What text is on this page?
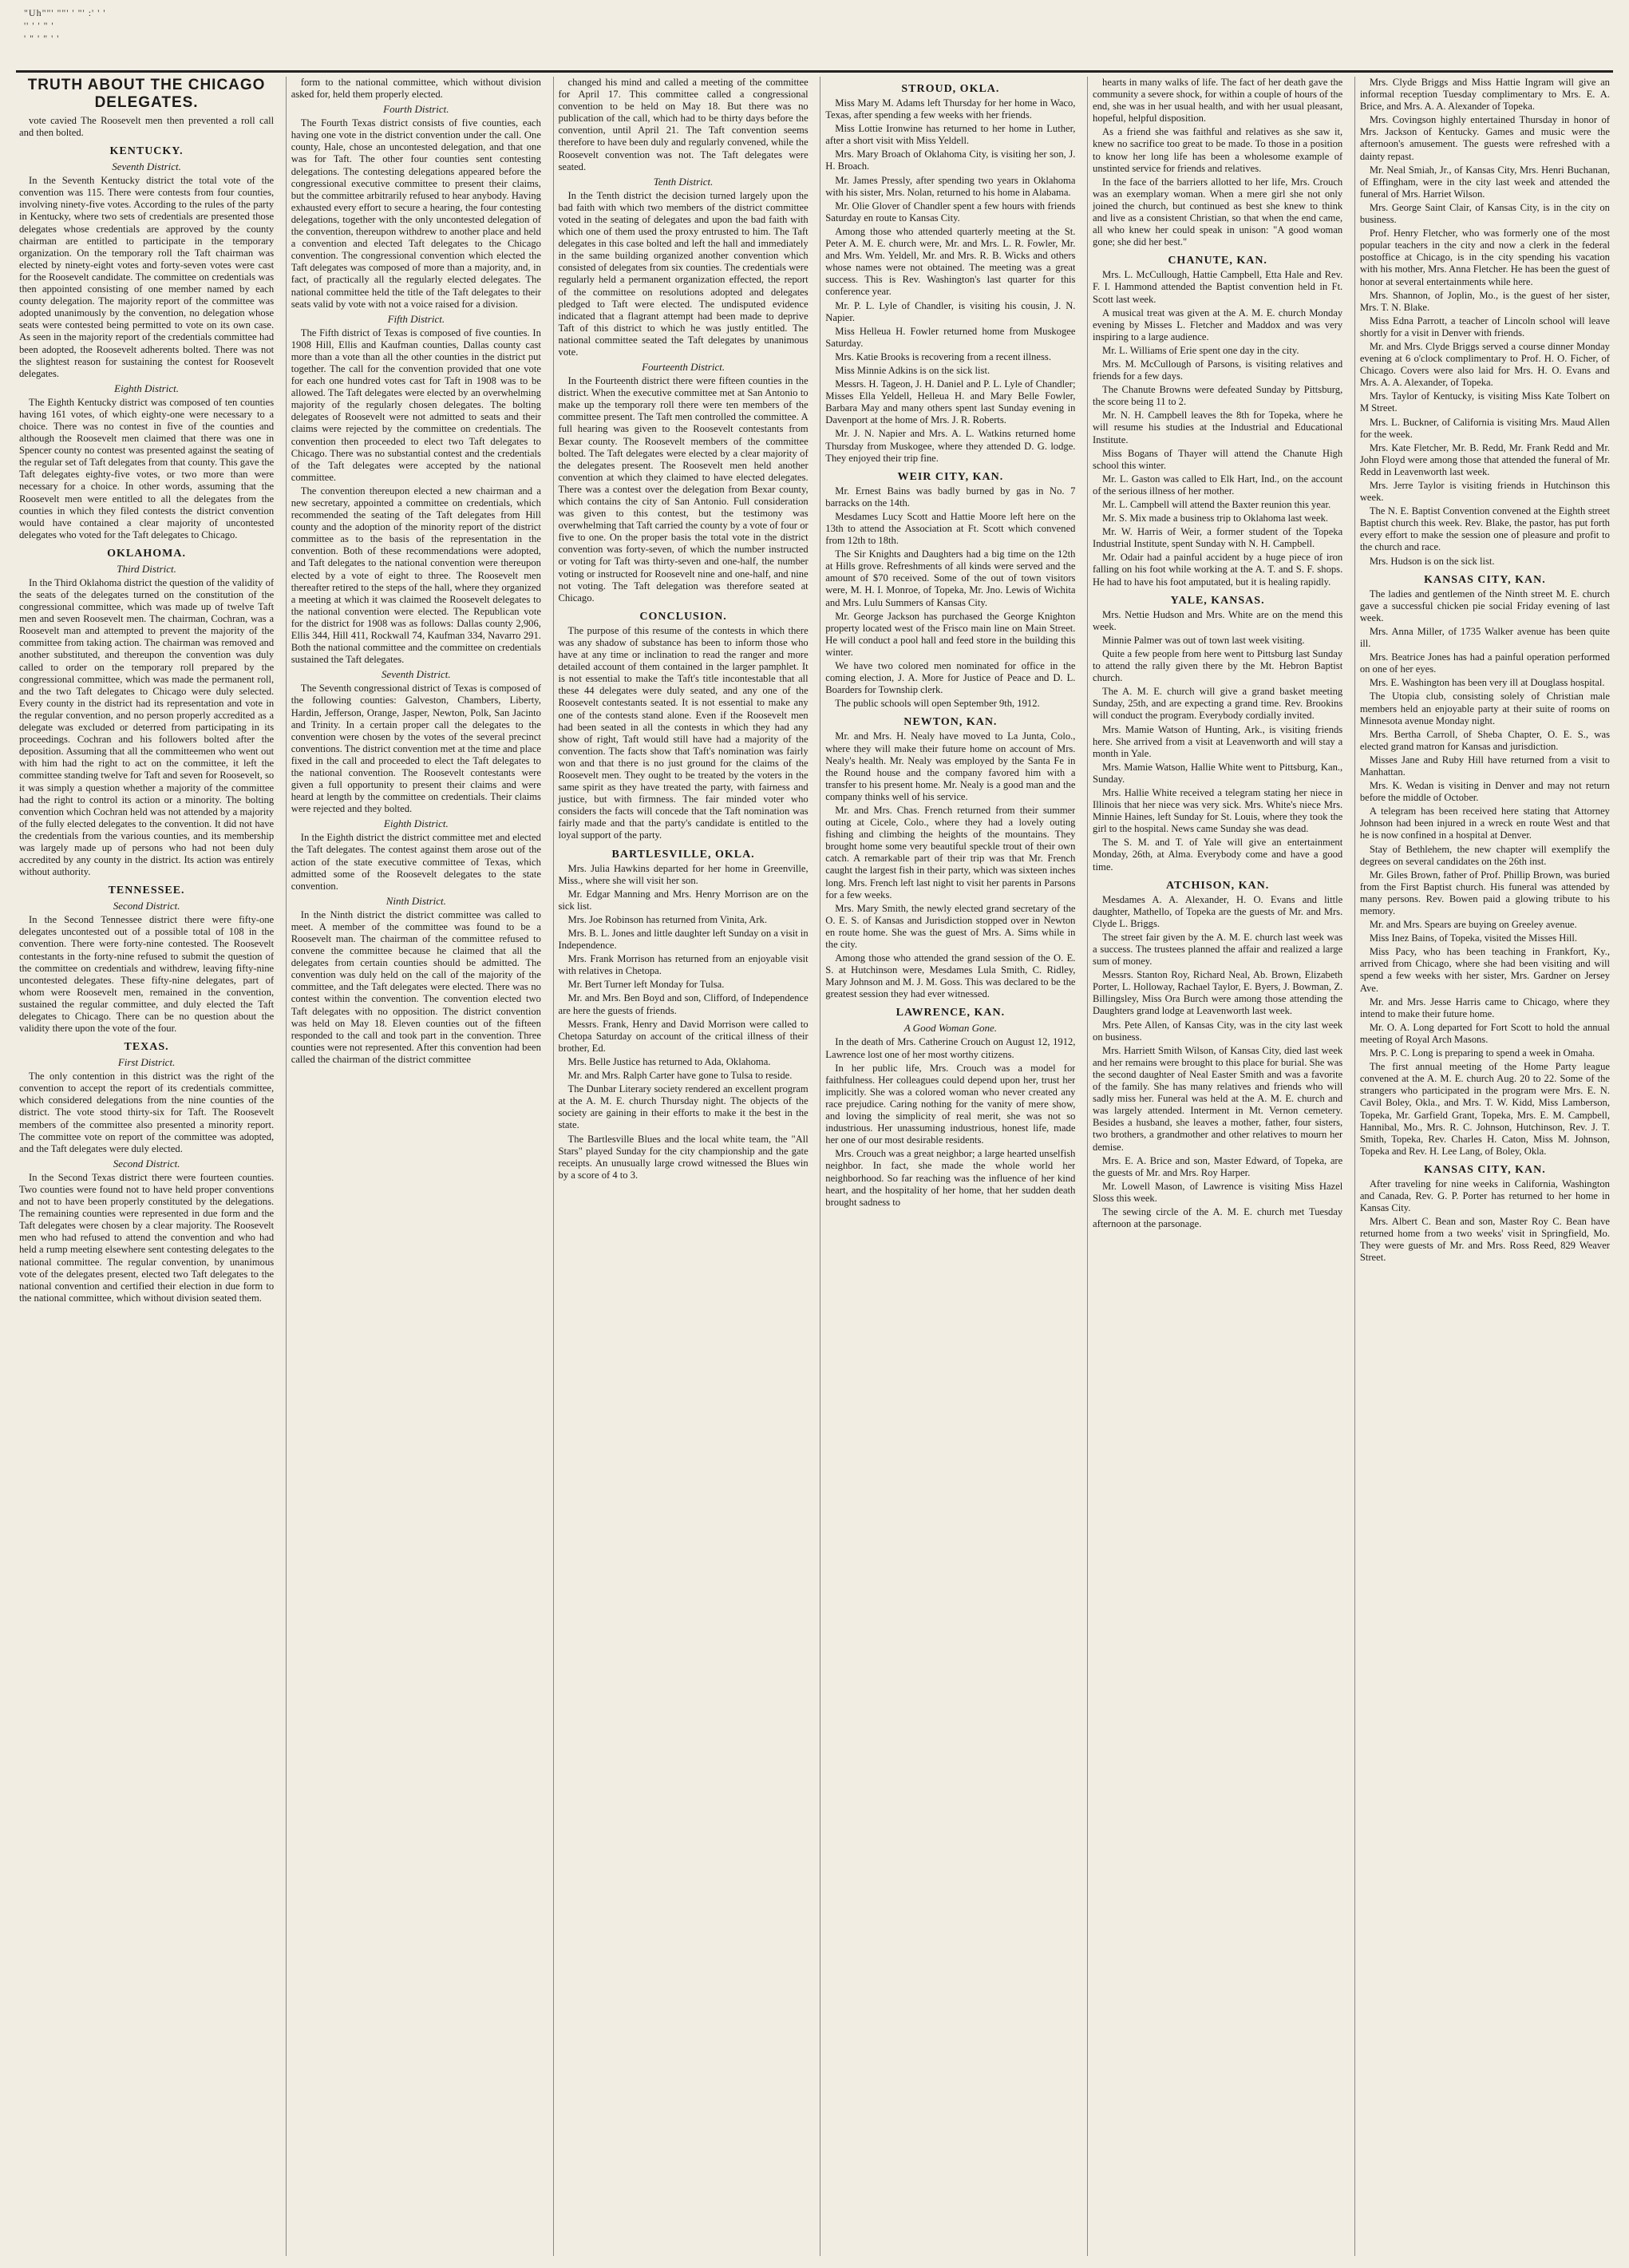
"Uh""' ""' ' "' :' ' '
'' ' ' " '
' " ' " ' '
TRUTH ABOUT THE CHICAGO DELEGATES.
vote cavied The Roosevelt men then prevented a roll call and then bolted.
KENTUCKY.
Seventh District.
In the Seventh Kentucky district the total vote of the convention was 115. There were contests from four counties, involving ninety-five votes. According to the rules of the party in Kentucky, where two sets of credentials are presented those delegates whose credentials are approved by the county chairman are entitled to participate in the temporary organization. On the temporary roll the Taft chairman was elected by ninety-eight votes and forty-seven votes were cast for the Roosevelt candidate. The committee on credentials was then appointed consisting of one member named by each county delegation. The majority report of the committee was adopted unanimously by the convention, no delegation whose seats were contested being permitted to vote on its own case. As seen in the majority report of the credentials committee had been adopted, the Roosevelt adherents bolted. There was not the slightest reason for sustaining the contest for Roosevelt delegates.
Eighth District.
The Eighth Kentucky district was composed of ten counties having 161 votes, of which eighty-one were necessary to a choice. There was no contest in five of the counties and although the Roosevelt men claimed that there was one in Spencer county no contest was presented against the seating of the regular set of Taft delegates from that county. This gave the Taft delegates eighty-five votes, or two more than were necessary for a choice. In other words, assuming that the Roosevelt men were entitled to all the delegates from the counties in which they filed contests the district convention would have contained a clear majority of uncontested delegates who voted for the Taft delegates to Chicago.
OKLAHOMA.
Third District.
In the Third Oklahoma district the question of the validity of the seats of the delegates turned on the constitution of the congressional committee, which was made up of twelve Taft men and seven Roosevelt men. The chairman, Cochran, was a Roosevelt man and attempted to prevent the majority of the committee from taking action. The chairman was removed and another substituted, and thereupon the convention was duly called to order on the temporary roll prepared by the congressional committee, which was made the permanent roll, and the two Taft delegates to Chicago were duly selected. Every county in the district had its representation and vote in the regular convention, and no person properly accredited as a delegate was excluded or deterred from participating in its proceedings. Cochran and his followers bolted after the deposition. Assuming that all the committeemen who went out with him had the right to act on the committee, it left the committee standing twelve for Taft and seven for Roosevelt, so it was simply a question whether a majority of the committee had the right to control its action or a minority. The bolting convention which Cochran held was not attended by a majority of the fully elected delegates to the convention. It did not have the credentials from the various counties, and its membership was largely made up of persons who had not been duly accredited by any county in the district. Its action was entirely without authority.
TENNESSEE.
Second District.
In the Second Tennessee district there were fifty-one delegates uncontested out of a possible total of 108 in the convention. There were forty-nine contested. The Roosevelt contestants in the forty-nine refused to submit the question of the committee on credentials and withdrew, leaving fifty-nine uncontested delegates. These fifty-nine delegates, part of whom were Roosevelt men, remained in the convention, sustained the regular committee, and duly elected the Taft delegates to Chicago. There can be no question about the validity there upon the vote of the four.
TEXAS.
First District.
The only contention in this district was the right of the convention to accept the report of its credentials committee, which considered delegations from the nine counties of the district. The vote stood thirty-six for Taft. The Roosevelt members of the committee also presented a minority report. The committee vote on report of the committee was adopted, and the Taft delegates were duly elected.
Second District.
In the Second Texas district there were fourteen counties. Two counties were found not to have held proper conventions and not to have been properly constituted by the delegations. The remaining counties were represented in due form and the Taft delegates were chosen by a clear majority. The Roosevelt men who had refused to attend the convention and who had held a rump meeting elsewhere sent contesting delegates to the national committee. The regular convention, by unanimous vote of the delegates present, elected two Taft delegates to the national convention and certified their election in due form to the national committee, which without division seated them.
form to the national committee, which without division asked for, held them properly elected.
Fourth District.
The Fourth Texas district consists of five counties, each having one vote in the district convention under the call. One county, Hale, chose an uncontested delegation, and that one was for Taft. The other four counties sent contesting delegations. The contesting delegations appeared before the congressional executive committee to present their claims, but the committee arbitrarily refused to hear anybody. Having exhausted every effort to secure a hearing, the four contesting delegations, together with the only uncontested delegation of the convention, thereupon withdrew to another place and held a convention and elected Taft delegates to the Chicago convention. The congressional convention which elected the Taft delegates was composed of more than a majority, and, in fact, of practically all the regularly elected delegates. The national committee held the title of the Taft delegates to their seats valid by vote with not a voice raised for a division.
Fifth District.
The Fifth district of Texas is composed of five counties. In 1908 Hill, Ellis and Kaufman counties, Dallas county cast more than a vote than all the other counties in the district put together. The call for the convention provided that one vote for each one hundred votes cast for Taft in 1908 was to be allowed. The Taft delegates were elected by an overwhelming majority of the regularly chosen delegates. The bolting delegates of Roosevelt were not admitted to seats and their claims were rejected by the committee on credentials. The convention then proceeded to elect two Taft delegates to Chicago. There was no substantial contest and the credentials of the Taft delegates were accepted by the national committee.
The convention thereupon elected a new chairman and a new secretary, appointed a committee on credentials, which recommended the seating of the Taft delegates from Hill county and the adoption of the minority report of the district committee as to the basis of the representation in the convention. Both of these recommendations were adopted, and Taft delegates to the national convention were thereupon elected by a vote of eight to three. The Roosevelt men thereafter retired to the steps of the hall, where they organized a meeting at which it was claimed the Roosevelt delegates to the national convention were elected. The Republican vote for the district for 1908 was as follows: Dallas county 2,906, Ellis 344, Hill 411, Rockwall 74, Kaufman 334, Navarro 291. Both the national committee and the committee on credentials sustained the Taft delegates.
Seventh District.
The Seventh congressional district of Texas is composed of the following counties: Galveston, Chambers, Liberty, Hardin, Jefferson, Orange, Jasper, Newton, Polk, San Jacinto and Trinity. In a certain proper call the delegates to the convention were chosen by the votes of the several precinct conventions. The district convention met at the time and place fixed in the call and proceeded to elect the Taft delegates to the national convention. The Roosevelt contestants were given a full opportunity to present their claims and were heard at length by the committee on credentials. Their claims were rejected and they bolted.
Eighth District.
In the Eighth district the district committee met and elected the Taft delegates. The contest against them arose out of the action of the state executive committee of Texas, which admitted some of the Roosevelt delegates to the state convention.
Ninth District.
In the Ninth district the district committee was called to meet. A member of the committee was found to be a Roosevelt man. The chairman of the committee refused to convene the committee because he claimed that all the delegates from certain counties should be admitted. The convention was duly held on the call of the majority of the committee, and the Taft delegates were elected. There was no contest within the convention. The convention elected two Taft delegates with no opposition. The district convention was held on May 18. Eleven counties out of the fifteen responded to the call and took part in the convention. Three counties were not represented. After this convention had been called the chairman of the district committee
changed his mind and called a meeting of the committee for April 17. This committee called a congressional convention to be held on May 18. But there was no publication of the call, which had to be thirty days before the convention, until April 21. The Taft convention seems therefore to have been duly and regularly convened, while the Roosevelt convention was not. The Taft delegates were seated.
Tenth District.
In the Tenth district the decision turned largely upon the bad faith with which two members of the district committee voted in the seating of delegates and upon the bad faith with which one of them used the proxy entrusted to him. The Taft delegates in this case bolted and left the hall and immediately in the same building organized another convention which consisted of delegates from six counties. The credentials were regularly held a permanent organization effected, the report of the committee on resolutions adopted and delegates pledged to Taft were elected. The undisputed evidence indicated that a flagrant attempt had been made to deprive Taft of this district to which he was justly entitled. The national committee seated the Taft delegates by unanimous vote.
Fourteenth District.
In the Fourteenth district there were fifteen counties in the district. When the executive committee met at San Antonio to make up the temporary roll there were ten members of the committee present. The Taft men controlled the committee. A full hearing was given to the Roosevelt contestants from Bexar county. The Roosevelt members of the committee bolted. The Taft delegates were elected by a clear majority of the delegates present. The Roosevelt men held another convention at which they claimed to have elected delegates. There was a contest over the delegation from Bexar county, which contains the city of San Antonio. Full consideration was given to this contest, but the testimony was overwhelming that Taft carried the county by a vote of four or five to one. On the proper basis the total vote in the district convention was forty-seven, of which the number instructed or voting for Taft was thirty-seven and one-half, the number voting or instructed for Roosevelt nine and one-half, and nine not voting. The Taft delegation was therefore seated at Chicago.
CONCLUSION.
The purpose of this resume of the contests in which there was any shadow of substance has been to inform those who have at any time or inclination to read the ranger and more detailed account of them contained in the larger pamphlet. It is not essential to make the Taft's title incontestable that all these 44 delegates were duly seated, and any one of the Roosevelt contestants seated. It is not essential to make any one of the contests stand alone. Even if the Roosevelt men had been seated in all the contests in which they had any show of right, Taft would still have had a majority of the convention. The facts show that Taft's nomination was fairly won and that there is no just ground for the claims of the Roosevelt men. They ought to be treated by the voters in the same spirit as they have treated the party, with fairness and justice, but with firmness. The fair minded voter who considers the facts will concede that the Taft nomination was fairly made and that the party's candidate is entitled to the loyal support of the party.
BARTLESVILLE, OKLA.
Mrs. Julia Hawkins departed for her home in Greenville, Miss., where she will visit her son.
Mr. Edgar Manning and Mrs. Henry Morrison are on the sick list.
Mrs. Joe Robinson has returned from Vinita, Ark.
Mrs. B. L. Jones and little daughter left Sunday on a visit in Independence.
Mrs. Frank Morrison has returned from an enjoyable visit with relatives in Chetopa.
Mr. Bert Turner left Monday for Tulsa.
Mr. and Mrs. Ben Boyd and son, Clifford, of Independence are here the guests of friends.
Messrs. Frank, Henry and David Morrison were called to Chetopa Saturday on account of the critical illness of their brother, Ed.
Mrs. Belle Justice has returned to Ada, Oklahoma.
Mr. and Mrs. Ralph Carter have gone to Tulsa to reside.
The Dunbar Literary society rendered an excellent program at the A. M. E. church Thursday night. The objects of the society are gaining in their efforts to make it the best in the state.
The Bartlesville Blues and the local white team, the "All Stars" played Sunday for the city championship and the gate receipts. An unusually large crowd witnessed the Blues win by a score of 4 to 3.
STROUD, OKLA.
Miss Mary M. Adams left Thursday for her home in Waco, Texas, after spending a few weeks with her friends.
Miss Lottie Ironwine has returned to her home in Luther, after a short visit with Miss Yeldell.
Mrs. Mary Broach of Oklahoma City, is visiting her son, J. H. Broach.
Mr. James Pressly, after spending two years in Oklahoma with his sister, Mrs. Nolan, returned to his home in Alabama.
Mr. Olie Glover of Chandler spent a few hours with friends Saturday en route to Kansas City.
Among those who attended quarterly meeting at the St. Peter A. M. E. church were, Mr. and Mrs. L. R. Fowler, Mr. and Mrs. Wm. Yeldell, Mr. and Mrs. R. B. Wicks and others whose names were not obtained. The meeting was a great success. This is Rev. Washington's last quarter for this conference year.
Mr. P. L. Lyle of Chandler, is visiting his cousin, J. N. Napier.
Miss Helleua H. Fowler returned home from Muskogee Saturday.
Mrs. Katie Brooks is recovering from a recent illness.
Miss Minnie Adkins is on the sick list.
Messrs. H. Tageon, J. H. Daniel and P. L. Lyle of Chandler; Misses Ella Yeldell, Helleua H. and Mary Belle Fowler, Barbara May and many others spent last Sunday evening in Davenport at the home of Mrs. J. R. Roberts.
Mr. J. N. Napier and Mrs. A. L. Watkins returned home Thursday from Muskogee, where they attended D. G. lodge. They enjoyed their trip fine.
WEIR CITY, KAN.
Mr. Ernest Bains was badly burned by gas in No. 7 barracks on the 14th.
Mesdames Lucy Scott and Hattie Moore left here on the 13th to attend the Association at Ft. Scott which convened from 12th to 18th.
The Sir Knights and Daughters had a big time on the 12th at Hills grove. Refreshments of all kinds were served and the amount of $70 received. Some of the out of town visitors were, M. H. I. Monroe, of Topeka, Mr. Jno. Lewis of Wichita and Mrs. Lulu Summers of Kansas City.
Mr. George Jackson has purchased the George Knighton property located west of the Frisco main line on Main Street. He will conduct a pool hall and feed store in the building this winter.
We have two colored men nominated for office in the coming election, J. A. More for Justice of Peace and D. L. Boarders for Township clerk.
The public schools will open September 9th, 1912.
NEWTON, KAN.
Mr. and Mrs. H. Nealy have moved to La Junta, Colo., where they will make their future home on account of Mrs. Nealy's health. Mr. Nealy was employed by the Santa Fe in the Round house and the company favored him with a transfer to his present home. Mr. Nealy is a good man and the company thinks well of his service.
Mr. and Mrs. Chas. French returned from their summer outing at Cicele, Colo., where they had a lovely outing fishing and climbing the heights of the mountains. They brought home some very beautiful speckle trout of their own catch. A remarkable part of their trip was that Mr. French caught the largest fish in their party, which was sixteen inches long. Mrs. French left last night to visit her parents in Parsons for a few weeks.
Mrs. Mary Smith, the newly elected grand secretary of the O. E. S. of Kansas and Jurisdiction stopped over in Newton en route home. She was the guest of Mrs. A. Sims while in the city.
Among those who attended the grand session of the O. E. S. at Hutchinson were, Mesdames Lula Smith, C. Ridley, Mary Johnson and M. J. M. Goss. This was declared to be the greatest session they had ever witnessed.
LAWRENCE, KAN.
A Good Woman Gone.
In the death of Mrs. Catherine Crouch on August 12, 1912, Lawrence lost one of her most worthy citizens.
In her public life, Mrs. Crouch was a model for faithfulness. Her colleagues could depend upon her, trust her implicitly. She was a colored woman who never created any race prejudice. Caring nothing for the vanity of mere show, and loving the simplicity of real merit, she was not so industrious. Her unassuming industrious, honest life, made her one of our most desirable residents.
Mrs. Crouch was a great neighbor; a large hearted unselfish neighbor. In fact, she made the whole world her neighborhood. So far reaching was the influence of her kind heart, and the hospitality of her home, that her sudden death brought sadness to
hearts in many walks of life. The fact of her death gave the community a severe shock, for within a couple of hours of the end, she was in her usual health, and with her usual pleasant, hopeful, helpful disposition.
As a friend she was faithful and relatives as she saw it, knew no sacrifice too great to be made. To those in a position to know her long life has been a wholesome example of unstinted service for friends and relatives.
In the face of the barriers allotted to her life, Mrs. Crouch was an exemplary woman. When a mere girl she not only joined the church, but continued as best she knew to think and live as a consistent Christian, so that when the end came, all who knew her could speak in unison: "A good woman gone; she did her best."
CHANUTE, KAN.
Mrs. L. McCullough, Hattie Campbell, Etta Hale and Rev. F. I. Hammond attended the Baptist convention held in Ft. Scott last week.
A musical treat was given at the A. M. E. church Monday evening by Misses L. Fletcher and Maddox and was very inspiring to a large audience.
Mr. L. Williams of Erie spent one day in the city.
Mrs. M. McCullough of Parsons, is visiting relatives and friends for a few days.
The Chanute Browns were defeated Sunday by Pittsburg, the score being 11 to 2.
Mr. N. H. Campbell leaves the 8th for Topeka, where he will resume his studies at the Industrial and Educational Institute.
Miss Bogans of Thayer will attend the Chanute High school this winter.
Mr. L. Gaston was called to Elk Hart, Ind., on the account of the serious illness of her mother.
Mr. L. Campbell will attend the Baxter reunion this year.
Mr. S. Mix made a business trip to Oklahoma last week.
Mr. W. Harris of Weir, a former student of the Topeka Industrial Institute, spent Sunday with N. H. Campbell.
Mr. Odair had a painful accident by a huge piece of iron falling on his foot while working at the A. T. and S. F. shops. He had to have his foot amputated, but it is healing rapidly.
YALE, KANSAS.
Mrs. Nettie Hudson and Mrs. White are on the mend this week.
Minnie Palmer was out of town last week visiting.
Quite a few people from here went to Pittsburg last Sunday to attend the rally given there by the Mt. Hebron Baptist church.
The A. M. E. church will give a grand basket meeting Sunday, 25th, and are expecting a grand time. Rev. Brookins will conduct the program. Everybody cordially invited.
Mrs. Mamie Watson of Hunting, Ark., is visiting friends here. She arrived from a visit at Leavenworth and will stay a month in Yale.
Mrs. Mamie Watson, Hallie White went to Pittsburg, Kan., Sunday.
Mrs. Hallie White received a telegram stating her niece in Illinois that her niece was very sick. Mrs. White's niece Mrs. Minnie Haines, left Sunday for St. Louis, where they took the girl to the hospital. News came Sunday she was dead.
The S. M. and T. of Yale will give an entertainment Monday, 26th, at Alma. Everybody come and have a good time.
ATCHISON, KAN.
Mesdames A. A. Alexander, H. O. Evans and little daughter, Mathello, of Topeka are the guests of Mr. and Mrs. Clyde L. Briggs.
The street fair given by the A. M. E. church last week was a success. The trustees planned the affair and realized a large sum of money.
Messrs. Stanton Roy, Richard Neal, Ab. Brown, Elizabeth Porter, L. Holloway, Rachael Taylor, E. Byers, J. Bowman, Z. Billingsley, Miss Ora Burch were among those attending the Daughters grand lodge at Leavenworth last week.
Mrs. Pete Allen, of Kansas City, was in the city last week on business.
Mrs. Harriett Smith Wilson, of Kansas City, died last week and her remains were brought to this place for burial. She was the second daughter of Neal Easter Smith and was a favorite of the family. She has many relatives and friends who will sadly miss her. Funeral was held at the A. M. E. church and was largely attended. Interment in Mt. Vernon cemetery. Besides a husband, she leaves a mother, father, four sisters, two brothers, a grandmother and other relatives to mourn her demise.
Mrs. E. A. Brice and son, Master Edward, of Topeka, are the guests of Mr. and Mrs. Roy Harper.
Mr. Lowell Mason, of Lawrence is visiting Miss Hazel Sloss this week.
The sewing circle of the A. M. E. church met Tuesday afternoon at the parsonage.
Mrs. Clyde Briggs and Miss Hattie Ingram will give an informal reception Tuesday complimentary to Mrs. E. A. Brice, and Mrs. A. A. Alexander of Topeka.
Mrs. Covingson highly entertained Thursday in honor of Mrs. Jackson of Kentucky. Games and music were the afternoon's amusement. The guests were refreshed with a dainty repast.
Mr. Neal Smiah, Jr., of Kansas City, Mrs. Henri Buchanan, of Effingham, were in the city last week and attended the funeral of Mrs. Harriet Wilson.
Mrs. George Saint Clair, of Kansas City, is in the city on business.
Prof. Henry Fletcher, who was formerly one of the most popular teachers in the city and now a clerk in the federal postoffice at Chicago, is in the city spending his vacation with his mother, Mrs. Anna Fletcher. He has been the guest of honor at several entertainments while here.
Mrs. Shannon, of Joplin, Mo., is the guest of her sister, Mrs. T. N. Blake.
Miss Edna Parrott, a teacher of Lincoln school will leave shortly for a visit in Denver with friends.
Mr. and Mrs. Clyde Briggs served a course dinner Monday evening at 6 o'clock complimentary to Prof. H. O. Ficher, of Chicago. Covers were also laid for Mrs. H. O. Evans and Mrs. A. A. Alexander, of Topeka.
Mrs. Taylor of Kentucky, is visiting Miss Kate Tolbert on M Street.
Mrs. L. Buckner, of California is visiting Mrs. Maud Allen for the week.
Mrs. Kate Fletcher, Mr. B. Redd, Mr. Frank Redd and Mr. John Floyd were among those that attended the funeral of Mr. Redd in Leavenworth last week.
Mrs. Jerre Taylor is visiting friends in Hutchinson this week.
The N. E. Baptist Convention convened at the Eighth street Baptist church this week. Rev. Blake, the pastor, has put forth every effort to make the session one of pleasure and profit to the church and race.
Mrs. Hudson is on the sick list.
KANSAS CITY, KAN.
The ladies and gentlemen of the Ninth street M. E. church gave a successful chicken pie social Friday evening of last week.
Mrs. Anna Miller, of 1735 Walker avenue has been quite ill.
Mrs. Beatrice Jones has had a painful operation performed on one of her eyes.
Mrs. E. Washington has been very ill at Douglass hospital.
The Utopia club, consisting solely of Christian male members held an enjoyable party at their suite of rooms on Minnesota avenue Monday night.
Mrs. Bertha Carroll, of Sheba Chapter, O. E. S., was elected grand matron for Kansas and jurisdiction.
Misses Jane and Ruby Hill have returned from a visit to Manhattan.
Mrs. K. Wedan is visiting in Denver and may not return before the middle of October.
A telegram has been received here stating that Attorney Johnson had been injured in a wreck en route West and that he is now confined in a hospital at Denver.
Stay of Bethlehem, the new chapter will exemplify the degrees on several candidates on the 26th inst.
Mr. Giles Brown, father of Prof. Phillip Brown, was buried from the First Baptist church. His funeral was attended by many persons. Rev. Bowen paid a glowing tribute to his memory.
Mr. and Mrs. Spears are buying on Greeley avenue.
Miss Inez Bains, of Topeka, visited the Misses Hill.
Miss Pacy, who has been teaching in Frankfort, Ky., arrived from Chicago, where she had been visiting and will spend a few weeks with her sister, Mrs. Gardner on Jersey Ave.
Mr. and Mrs. Jesse Harris came to Chicago, where they intend to make their future home.
Mr. O. A. Long departed for Fort Scott to hold the annual meeting of Royal Arch Masons.
Mrs. P. C. Long is preparing to spend a week in Omaha.
The first annual meeting of the Home Party league convened at the A. M. E. church Aug. 20 to 22. Some of the strangers who participated in the program were Mrs. E. N. Cavil Boley, Okla., and Mrs. T. W. Kidd, Miss Lamberson, Topeka, Mr. Garfield Grant, Topeka, Mrs. E. M. Campbell, Hannibal, Mo., Mrs. R. C. Johnson, Hutchinson, Rev. J. T. Smith, Topeka, Rev. Charles H. Caton, Miss M. Johnson, Topeka and Rev. H. Lee Lang, of Boley, Okla.
KANSAS CITY, KAN.
After traveling for nine weeks in California, Washington and Canada, Rev. G. P. Porter has returned to her home in Kansas City.
Mrs. Albert C. Bean and son, Master Roy C. Bean have returned home from a two weeks' visit in Springfield, Mo. They were guests of Mr. and Mrs. Ross Reed, 829 Weaver Street.
